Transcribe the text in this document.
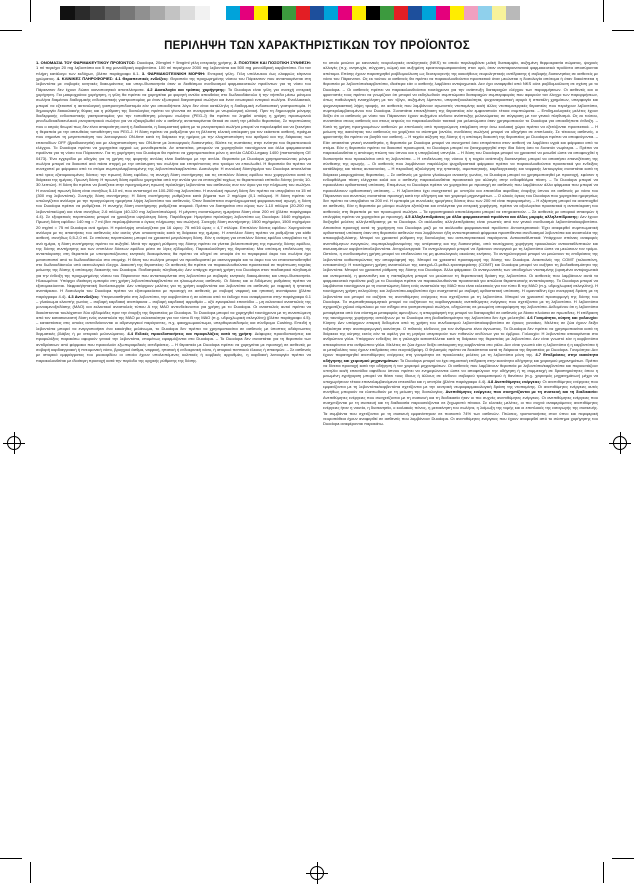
ΠΕΡΙΛΗΨΗ ΤΩΝ ΧΑΡΑΚΤΗΡΙΣΤΙΚΩΝ ΤΟΥ ΠΡΟΪΟΝΤΟΣ

1. ΟΝΟΜΑΣΙΑ ΤΟΥ ΦΑΡΜΑΚΕΥΤΙΚΟΥ ΠΡΟΪΟΝΤΟΣ: Duodopa, 20mg/ml + 5mg/ml γέλη εντερικής χρήσης. 2. ΠΟΙΟΤΙΚΗ ΚΑΙ ΠΟΣΟΤΙΚΗ ΣΥΝΘΕΣΗ: 1 ml περιέχει 20 mg λεβοντόπα και 5 mg μονοϋδρική καρβιντόπα. 100 ml περιέχουν 2000 mg λεβοντόπα και 500 mg μονοϋδρική καρβιντόπα. Για τον πλήρη κατάλογο των εκδόχων, βλέπε παράγραφο 6.1. 3. ΦΑΡΜΑΚΟΤΕΧΝΙΚΗ ΜΟΡΦΗ: Εντερική γέλη. Γέλη υπόλευκου έως ελαφρώς κίτρινου χρώματος. 4. ΚΛΙΝΙΚΕΣ ΠΛΗΡΟΦΟΡΙΕΣ: 4.1 Θεραπευτικές ενδείξεις: Θεραπεία της προχωρημένης νόσου του Πάρκινσον που ανταποκρίνεται στη λεβοντόπα με σοβαρές κινητικές διακυμάνσεις και υπερ-/δυσκινησία όταν οι διαθέσιμοι συνδυασμοί φαρμακευτικών προϊόντων για τη νόσο του Πάρκινσον δεν έχουν δώσει ικανοποιητικά αποτελέσματα. 4.2 Δοσολογία και τρόπος χορήγησης: Το Duodopa είναι γέλη για συνεχή εντερική χορήγηση. Για μακροχρόνια χορήγηση, η γέλη θα πρέπει να χορηγείται με φορητή αντλία απευθείας στο δωδεκαδάκτυλο ή την νήστιδα μέσω μόνιμου σωλήνα διαμέσου διαδερμικής ενδοσκοπικής γαστροστομίας με έναν εξωτερικό διαγαστρικό σωλήνα και έναν εσωτερικό εντερικό σωλήνα. Εναλλακτικά, μπορεί να εξεταστεί η ακτινολογική γαστρονηστιδοστομία εάν για οποιοδήποτε λόγο δεν είναι κατάλληλη η διαδερμική ενδοσκοπική γαστροστομία. Η δημιουργία διακοιλιακής θύρας και η ρύθμιση της δοσολογίας πρέπει να γίνονται σε συνεργασία με νευρολογική κλινική. Πριν τη δημιουργία μόνιμης διαδερμικής ενδοσκοπικής γαστροστομίας για την τοποθέτηση μόνιμου σωλήνα (PEG-J) θα πρέπει να ληφθεί υπόψη η χρήση προσωρινού ρινοδωδεκαδακτυλικού ρινογαστρικού σωλήνα για να εξακριβωθεί εάν ο ασθενής ανταποκρίνεται θετικά σε αυτή την μέθοδο θεραπείας. Σε περιπτώσεις που ο ιατρός θεωρεί πως δεν είναι απαραίτητη αυτή η διαδικασία, η δοκιμαστική φάση με το ρινογαστρικό σωλήνα μπορεί να παραλειφθεί και να ξεκινήσει η θεραπεία με την απευθείας τοποθέτηση του PEG-J. Η δόση πρέπει να ρυθμίζεται για τη βέλτιστη κλινική απόκριση για τον εκάστοτε ασθενή, πράγμα που σημαίνει τη μεγιστοποίηση του λειτουργικού ON-time κατά τη διάρκεια της ημέρας με την ελαχιστοποίηση του αριθμού και της διάρκειας των επεισοδίων OFF (βραδυκινησία) και με ελαχιστοποίηση του ON-time με λειτουργικές δυσκινησίες. Βλέπε τις συστάσεις στην ενότητα του θεραπευτικού ελέγχου. Το Duodopa πρέπει να χορηγείται αρχικά ως μονοθεραπεία. Αν απαιτείται, μπορούν να χορηγηθούν ταυτόχρονα και άλλα φαρμακευτικά προϊόντα για τη νόσο του Πάρκινσον. Για τη χορήγηση του Duodopa θα πρέπει να χρησιμοποιείται μόνο η αντλία CADD-Legacy 1400 (πιστοποίηση CE 0473). Ένα εγχειρίδιο με οδηγίες για τη χρήση της φορητής αντλίας είναι διαθέσιμο με την αντλία. Θεραπεία με Duodopa χρησιμοποιώντας μόνιμο σωλήνα μπορεί να διακοπεί ανά πάσα στιγμή με την απόσυρση του σωλήνα και επιτρέποντας στο τραύμα να επουλωθεί. Η θεραπεία θα πρέπει να συνεχιστεί με φάρμακα από το στόμα συμπεριλαμβανομένης της λεβοντόπα/καρβιντόπα. Δοσολογία: Η συνολική δόση/ημέρα του Duodopa αποτελείται από τρεις εξατομικευμένες δόσεις: την πρωινή δόση εφόδου, τη συνεχή δόση συντήρησης και τις επιπλέον δόσεις εφόδου που χορηγούνται κατά τη διάρκεια της ημέρας. Πρωινή δόση: Η πρωινή δόση εφόδου χορηγείται από την αντλία για να επιτευχθεί ταχέως το θεραπευτικό επίπεδο δόσης (εντός 10-30 λεπτών). Η δόση θα πρέπει να βασίζεται στην προηγούμενη πρωινή πρόσληψη λεβοντόπα του ασθενούς συν τον όγκο για την πλήρωση του σωλήνα. Η συνολική πρωινή δόση είναι συνήθως 5-10 ml, που αντιστοιχεί σε 100-200 mg λεβοντόπα. Η συνολική πρωινή δόση δεν πρέπει να υπερβαίνει τα 15 ml (300 mg λεβοντόπα). Συνεχής δόση συντήρησης: Η δόση συντήρησης ρυθμίζεται κατά βήματα των 2 mg/ώρα (0,1 ml/ώρα). Η δόση πρέπει να υπολογίζεται ανάλογα με την προηγούμενη ημερήσια λήψη λεβοντόπα του ασθενούς. Όταν διακόπτεται συμπληρωματική φαρμακευτική αγωγή, η δόση του Duodopa πρέπει να ρυθμίζεται. Η συνεχής δόση συντήρησης ρυθμίζεται ατομικά. Πρέπει να διατηρείται στο εύρος των 1-10 ml/ώρα (20-200 mg λεβοντόπα/ώρα) και είναι συνήθως 2-6 ml/ώρα (40-120 mg λεβοντόπα/ώρα). Η μέγιστη συνιστώμενη ημερήσια δόση είναι 200 ml (βλέπε παράγραφο 4.4). Σε εξαιρετικές περιπτώσεις μπορεί να χρειάζεται υψηλότερη δόση. Παράδειγμα: Ημερήσια πρόσληψη λεβοντόπα ως Duodopa: 1640 mg/ημέρα. Πρωινή δόση εφόδου: 140 mg = 7 ml (δεν περιλαμβάνεται ο όγκος πλήρωσης του σωλήνα). Συνεχής δόση συντήρησης: 1500 mg/ημέρα, 1500 mg/ημέρα: 20 mg/ml = 75 ml Duodopa ανά ημέρα. Η πρόσληψη υπολογίζεται για 16 ώρες: 75 ml/16 ώρες = 4,7 ml/ώρα. Επιπλέον δόσεις εφόδου: Χορηγούνται ανάλογα με τις απαιτήσεις του ασθενούς εάν αυτός γίνει υποκινητικός κατά τη διάρκεια της ημέρας. Η επιπλέον δόση πρέπει να ρυθμίζεται για κάθε ασθενή, συνήθως 0,5-2,0 ml. Σε σπάνιες περιπτώσεις μπορεί να χρειαστεί μεγαλύτερη δόση. Εάν η ανάγκη για επιπλέον δόσεις εφόδου υπερβαίνει τις 5 ανά ημέρα, η δόση συντήρησης πρέπει να αυξηθεί. Μετά την αρχική ρύθμιση της δόσης πρέπει να γίνεται βελτιστοποίηση της πρωινής δόσης εφόδου, της δόσης συντήρησης και των επιπλέον δόσεων εφόδου μέσα σε λίγες εβδομάδες. Παρακολούθηση της θεραπείας: Μια απότομη επιδείνωση της ανταπόκρισης στη θεραπεία με υποτροπιάζουσες κινητικές διακυμάνσεις θα πρέπει να οδηγεί σε υποψία ότι το περιφερικό άκρο του σωλήνα έχει μετατοπιστεί από το δωδεκαδάκτυλο στο στομάχι. Η θέση του σωλήνα μπορεί να προσδιοριστεί με ακτινογραφία και το άκρο του να επανατοποθετηθεί στο δωδεκαδάκτυλο υπό ακτινολογικό έλεγχο. Διακοπή της θεραπείας: Οι ασθενείς θα πρέπει να παρακολουθούνται προσεκτικά σε περίπτωση ταχείας μείωσης της δόσης ή απότομης διακοπής του Duodopa. Παιδιατρικός πληθυσμός: Δεν υπάρχει σχετική χρήση του Duodopa στον παιδιατρικό πληθυσμό για την ένδειξη της προχωρημένης νόσου του Πάρκινσον που ανταποκρίνεται στη λεβοντόπα με σοβαρές κινητικές διακυμάνσεις και υπερ-/δυσκινησία. Ηλικιωμένοι: Υπάρχει ιδιαίτερη εμπειρία στη χρήση λεβοντόπα/καρβιντόπα σε ηλικιωμένους ασθενείς. Οι δόσεις και οι διδόμενες ρυθμίσεις πρέπει να εξατομικεύονται. Νεφρική/ηπατική δυσλειτουργία: Δεν υπάρχουν μελέτες για τη χρήση καρβιντόπα και λεβοντόπα σε ασθενείς με νεφρική ή ηπατική ανεπάρκεια. Η δοσολογία του Duodopa πρέπει να εξατομικεύεται με προσοχή σε ασθενείς με σοβαρή νεφρική και ηπατική ανεπάρκεια (βλέπε παράγραφο 4.4). 4.3 Αντενδείξεις: Υπερευαισθησία στη λεβοντόπα, την καρβιντόπα ή σε κάποιο από τα έκδοχα που αναφέρονται στην παράγραφο 6.1 – γλαύκωμα κλειστής γωνίας – σοβαρή καρδιακή ανεπάρκεια – σοβαρή καρδιακή αρρυθμία – οξύ εγκεφαλικό επεισόδιο – μη εκλεκτικοί αναστολείς της μονοαμινοξειδάσης (ΜΑΟ) και εκλεκτικοί αναστολείς τύπου Α της ΜΑΟ αντενδείκνυνται για χρήση με το Duodopa. Οι αναστολείς αυτοί πρέπει να διακόπτονται τουλάχιστον δύο εβδομάδες πριν την έναρξη της θεραπείας με Duodopa. Το Duodopa μπορεί να χορηγηθεί ταυτόχρονα με τη συνιστώμενη από τον κατασκευαστή δόση ενός αναστολέα της ΜΑΟ με εκλεκτικότητα για τον τύπο Β της ΜΑΟ (π.χ. υδροχλωρική σελεγιλίνη) (βλέπε παράγραφο 4.5). – καταστάσεις στις οποίες αντενδείκνυνται οι αδρενεργικοί παράγοντες, π.χ. φαιοχρωμοκύτωμα, υπερθυρεοειδισμός και σύνδρομο Cushing. Επειδή η λεβοντόπα μπορεί να ενεργοποιήσει ένα κακόηθες μελάνωμα, το Duodopa δεν πρέπει να χρησιμοποιείται σε ασθενείς με ύποπτες αδιάγνωστες δερματικές βλάβες ή με ιστορικό μελανώματος. 4.4 Ειδικές προειδοποιήσεις και προφυλάξεις κατά τη χρήση: Διάφορες προειδοποιήσεις και προφυλάξεις παρακάτω αφορούν γενικά την λεβοντόπα, επομένως εφαρμόζονται στο Duodopa. – Το Duodopa δεν συνιστάται για τη θεραπεία των αντιδράσεων από φάρμακα που προκαλούν εξωπυραμιδικές αντιδράσεις. – Η θεραπεία με Duodopa πρέπει να χορηγείται με προσοχή σε ασθενείς με σοβαρή καρδιαγγειακή ή πνευμονική νόσο, βρογχικό άσθμα, νεφρική, ηπατική ή ενδοκρινική νόσο, ή ιστορικό πεπτικού έλκους ή σπασμών. – Σε ασθενείς με ιστορικό εμφράγματος του μυοκαρδίου οι οποίοι έχουν υπολειπόμενες κολπικές ή κομβικές αρρυθμίες, η καρδιακή λειτουργία πρέπει να παρακολουθείται με ιδιαίτερη προσοχή κατά την περίοδο της αρχικής ρύθμισης της δόσης.

το οποίο μειώνει με κανονικές νευρολογικές αναλγητικές (NKS) το οποίο περιλαμβάνει μυϊκή δυσκαμψία, αυξημένη θερμοκρασία σώματος, ψυχικές αλλαγές (π.χ. ανησυχία, σύγχυση, κώμα) και αυξημένη κρεατινοφωσφοκινάση στον ορό, όταν αντιπαρκινσονικά φαρμακευτικά προϊόντα αποσύρονται απότομα. Επίσης έχουν παρατηρηθεί ραβδομυόλυση ως δευτερογενής της κακοήθους νευροληπτικής αντίδρασης ή σοβαρής δυσκινησίας σε ασθενείς με νόσο του Πάρκινσον. Ως εκ τούτου οι ασθενείς θα πρέπει να παρακολουθούνται προσεκτικά όταν μειώνεται η δοσολογία απότομα ή όταν διακόπτεται η θεραπεία με λεβοντόπα/καρβιντόπα, ιδιαίτερα εάν ο ασθενής λαμβάνει αντιψυχωτικά. Δεν έχει αναφερθεί από NKS ούτε ραβδομυόλυση σε σχέση με το Duodopa. – Οι ασθενείς πρέπει να παρακολουθούνται ταυτόχρονα για την ανάπτυξη διαταραχών ελέγχου των παρορμήσεων. Οι ασθενείς και οι φροντιστές τους πρέπει να γνωρίζουν ότι μπορεί να εκδηλωθούν συμπτώματα διαταραχών συμπεριφοράς που αφορούν τον έλεγχο των παρορμήσεων, όπως παθολογική ενασχόληση με τον τζόγο, αυξημένη λίμπιντο, υπερσεξουαλικότητα, ψυχαναγκαστική αγορά ή σπατάλη χρημάτων, υπερφαγία και ψυχαναγκαστική λήψη τροφής, σε ασθενείς που λαμβάνουν αγωνιστές ντοπαμίνης και/ή άλλες ντοπαμινεργικές θεραπείες που περιέχουν λεβοντόπα, συμπεριλαμβανομένου του Duodopa. Συνιστάται επανεξέταση της θεραπείας εάν εμφανιστούν τέτοια συμπτώματα. – Επιδημιολογικές μελέτες έχουν δείξει ότι οι ασθενείς με νόσο του Πάρκινσον έχουν αυξημένο κίνδυνο ανάπτυξης μελανώματος σε σύγκριση με τον γενικό πληθυσμό. Ως εκ τούτου, συνιστάται στους ασθενείς και στους ιατρούς να παρακολουθούν τακτικά για μελανώματα όταν χρησιμοποιούν το Duodopa για οποιαδήποτε ένδειξη. – Κατά τη χρήση προηγουμένων ασθενών με επιπλοκές από προηγούμενη επέμβαση στην άνω κοιλιακή χώρα πρέπει να εξετάζονται προσεκτικά. – Η μείωση της ικανότητας του ασθενούς να χειρίζεται το σύστημα (αντλία, συνδέσεις σωλήνα) μπορεί να οδηγήσει σε επιπλοκές. Σε τέτοιους ασθενείς, ο φροντιστής θα πρέπει να βοηθά τον ασθενή. – Η ταχεία αύξηση της δόσης ή η απότομη διακοπή της θεραπείας με Duodopa πρέπει να αποφεύγονται. – Εάν απαιτείται γενική αναισθησία, η θεραπεία με Duodopa μπορεί να συνεχιστεί όσο επιτρέπεται στον ασθενή να λαμβάνει υγρά και φάρμακα από το στόμα. Εάν η θεραπεία πρέπει να διακοπεί προσωρινά, το Duodopa μπορεί να ξαναχορηγηθεί στην ίδια δόση όσο το δυνατόν νωρίτερα. – Πρέπει να παρακολουθείται η απότομη πτώση του ύπνου και η υπερβολική υπνηλία. – Η δόση του Duodopa μπορεί να χρειαστεί να μειωθεί ώστε να αποφευχθεί η δυσκινησία που προκαλείται από τη λεβοντόπα. – Η επιδείνωση της νόσου ή η ταχεία ανάπτυξη δυσκινησίας μπορεί να απαιτήσει επανεξέταση της σύνθεσης της αγωγής. – Οι ασθενείς που λαμβάνουν παράλληλα ψυχοδραστικά φάρμακα πρέπει να παρακολουθούνται προσεκτικά για ενδείξεις κατάθλιψης και τάσεις αυτοκτονίας. – Η περιοδική αξιολόγηση της ηπατικής, αιμοποιητικής, καρδιαγγειακής και νεφρικής λειτουργίας συνιστάται κατά τη διάρκεια μακροχρόνιας θεραπείας. – Σε ασθενείς με χρόνιο γλαύκωμα ανοικτής γωνίας, το Duodopa μπορεί να χρησιμοποιηθεί με προσοχή, εφόσον η ενδοφθάλμια πίεση ελέγχεται καλά και ο ασθενής παρακολουθείται προσεκτικά για αλλαγές στην ενδοφθάλμια πίεση. – Το Duodopa μπορεί να προκαλέσει ορθοστατική υπόταση. Επομένως το Duodopa πρέπει να χορηγείται με προσοχή σε ασθενείς που λαμβάνουν άλλα φάρμακα που μπορεί να προκαλέσουν ορθοστατική υπόταση. – Η λεβοντόπα έχει συσχετιστεί με υπνηλία και επεισόδια αιφνίδιας έναρξης ύπνου σε ασθενείς με νόσο του Πάρκινσον και συνεπώς συνιστάται προσοχή κατά την οδήγηση και τον χειρισμό μηχανημάτων. – Ο ολικός όγκος του Duodopa που χορηγείται ημερησίως δεν πρέπει να υπερβαίνει τα 200 ml. Η εμπειρία με συνολικές ημερήσιες δόσεις άνω των 200 ml είναι περιορισμένη. – Η εξάρτηση μπορεί να αναπτυχθεί σε ασθενείς. Εάν η θεραπεία με μόνιμο σωλήνα εξετάζεται και επιλέγεται για εντερική χορήγηση, πρέπει να αξιολογείται προσεκτικά η ανταπόκριση του ασθενούς στη θεραπεία με τον προσωρινό σωλήνα. – Τα εργαστηριακά αποτελέσματα μπορεί να επηρεαστούν. – Σε ασθενείς με ιστορικό σπασμών ή επιληψίας πρέπει να χορηγείται με προσοχή. 4.5 Αλληλεπιδράσεις με άλλα φαρμακευτικά προϊόντα και άλλες μορφές αλληλεπίδρασης: Δεν έχουν διεξαχθεί μελέτες αλληλεπίδρασης με το Duodopa. Οι ακόλουθες αλληλεπιδράσεις είναι γνωστές από τον γενικό συνδυασμό λεβοντόπα/καρβιντόπα. Απαιτείται προσοχή κατά τη χορήγηση του Duodopa μαζί με τα ακόλουθα φαρμακευτικά προϊόντα: Αντιυπερτασικά: Έχει αναφερθεί συμπτωματική ορθοστατική υπόταση όταν στη θεραπεία ασθενών που λαμβάνουν ήδη αντιυπερτασικά φάρμακα προστίθενται συνδυασμοί λεβοντόπα και αναστολέα της αποκαρβοξυλάσης. Μπορεί να χρειαστεί ρύθμιση της δοσολογίας του αντιυπερτασικού παράγοντα. Αντικαταθλιπτικά: Υπάρχουν σπάνιες αναφορές ανεπιθύμητων ενεργειών, συμπεριλαμβανομένης της υπέρτασης και της δυσκινησίας, από ταυτόχρονη χορήγηση τρικυκλικών αντικαταθλιπτικών και σκευασμάτων καρβιντόπα/λεβοντόπα. Αντιχολινεργικά: Τα αντιχολινεργικά μπορεί να δράσουν συνεργικά με τη λεβοντόπα ώστε να μειώσουν τον τρόμο. Ωστόσο, η συνδυασμένη χρήση μπορεί να επιδεινώσει τις μη φυσιολογικές ακούσιες κινήσεις. Τα αντιχολινεργικά μπορεί να μειώσουν τις επιδράσεις της λεβοντόπα καθυστερώντας την απορρόφησή της. Μπορεί να χρειαστεί προσαρμογή της δόσης του Duodopa. Αναστολείς της COMT (τολκαπόνη, εντακαπόνη): Η ταυτόχρονη χρήση αναστολέων της κατεχολ-Ο-μεθυλ-τρανσφεράσης (COMT) και Duodopa μπορεί να αυξήσει τη βιοδιαθεσιμότητα της λεβοντόπα. Μπορεί να χρειαστεί ρύθμιση της δόσης του Duodopa. Άλλα φάρμακα: Οι ανταγωνιστές των υποδοχέων ντοπαμίνης (ορισμένα αντιψυχωτικά και αντιεμετικά), η φαινυτοΐνη και η παπαβερίνη μπορεί να μειώσουν τη θεραπευτική δράση της λεβοντόπα. Οι ασθενείς που λαμβάνουν αυτά τα φαρμακευτικά προϊόντα μαζί με το Duodopa πρέπει να παρακολουθούνται προσεκτικά για απώλεια θεραπευτικής ανταπόκρισης. Το Duodopa μπορεί να λαμβάνεται ταυτόχρονα με τη συνιστώμενη δόση ενός αναστολέα της ΜΑΟ που είναι εκλεκτικός για τον τύπο Β της ΜΑΟ (π.χ. υδροχλωρική σελεγιλίνη). Η ταυτόχρονη χρήση σελεγιλίνης και λεβοντόπα-καρβιντόπα έχει συσχετιστεί με σοβαρή ορθοστατική υπόταση. Η αμανταδίνη έχει συνεργική δράση με τη λεβοντόπα και μπορεί να αυξήσει τις ανεπιθύμητες ενέργειες που σχετίζονται με τη λεβοντόπα. Μπορεί να χρειαστεί προσαρμογή της δόσης του Duodopa. Τα συμπαθητικομιμητικά μπορεί να αυξήσουν τις καρδιαγγειακές ανεπιθύμητες ενέργειες που σχετίζονται με τη λεβοντόπα. Η λεβοντόπα σχηματίζει χηλικό σύμπλοκο με τον σίδηρο στο γαστρεντερικό σωλήνα, οδηγώντας σε μειωμένη απορρόφηση της λεβοντόπα. Δεδομένου ότι η λεβοντόπα μεταφέρεται από ένα σύστημα μεταφοράς αμινοξέων, η απορρόφησή της μπορεί να διαταραχθεί σε ασθενείς με δίαιτα πλούσια σε πρωτεΐνες. Η επίδραση της ταυτόχρονης χορήγησης αντιόξινων με το Duodopa στη βιοδιαθεσιμότητα της λεβοντόπα δεν έχει μελετηθεί. 4.6 Γονιμότητα, κύηση και γαλουχία: Κύηση: Δεν υπάρχουν επαρκή δεδομένα από τη χρήση του συνδυασμού λεβοντόπα/καρβιντόπα σε έγκυες γυναίκες. Μελέτες σε ζώα έχουν δείξει τοξικότητα στην αναπαραγωγική ικανότητα. Ο πιθανός κίνδυνος για τον άνθρωπο είναι άγνωστος. Το Duodopa δεν πρέπει να χρησιμοποιείται κατά τη διάρκεια της κύησης εκτός εάν τα οφέλη για τη μητέρα υπερτερούν των πιθανών κινδύνων για το έμβρυο. Γαλουχία: Η λεβοντόπα απεκκρίνεται στο ανθρώπινο γάλα. Υπάρχουν ενδείξεις ότι η γαλουχία καταστέλλεται κατά τη διάρκεια της θεραπείας με λεβοντόπα. Δεν είναι γνωστό εάν η καρβιντόπα απεκκρίνεται στο ανθρώπινο γάλα. Μελέτες σε ζώα έχουν δείξει απέκκριση της καρβιντόπα στο γάλα. Δεν είναι γνωστό εάν η λεβοντόπα ή η καρβιντόπα ή οι μεταβολίτες τους έχουν επιδράσεις στα νεογνά/βρέφη. Ο θηλασμός πρέπει να διακόπτεται κατά τη διάρκεια της θεραπείας με Duodopa. Γονιμότητα: Δεν έχουν παρατηρηθεί ανεπιθύμητες ενέργειες στη γονιμότητα σε προκλινικές μελέτες με τη λεβοντόπα μόνη της. 4.7 Επιδράσεις στην ικανότητα οδήγησης και χειρισμού μηχανημάτων: Το Duodopa μπορεί να έχει σημαντική επίδραση στην ικανότητα οδήγησης και χειρισμού μηχανημάτων. Πρέπει να δίνεται προσοχή κατά την οδήγηση ή τον χειρισμό μηχανημάτων. Οι ασθενείς που λαμβάνουν θεραπεία με λεβοντόπα/καρβιντόπα και παρουσιάζουν υπνηλία και/ή επεισόδια αιφνίδιου ύπνου πρέπει να ενημερώνονται ώστε να αποφεύγουν την οδήγηση ή τη συμμετοχή σε δραστηριότητες όπου η μειωμένη εγρήγορση μπορεί να θέσει τους ίδιους ή άλλους σε κίνδυνο σοβαρού τραυματισμού ή θανάτου (π.χ. χειρισμός μηχανημάτων) μέχρι να υποχωρήσουν τέτοια επαναλαμβανόμενα επεισόδια και η υπνηλία (βλέπε παράγραφο 4.4). 4.8 Ανεπιθύμητες ενέργειες: Οι ανεπιθύμητες ενέργειες που εμφανίζονται με τη λεβοντόπα/καρβιντόπα σχετίζονται με την κεντρική νευροφαρμακολογική δράση της ντοπαμίνης. Οι ανεπιθύμητες ενέργειες αυτές συνήθως μπορούν να ελαττωθούν με τη μείωση της δοσολογίας. Ανεπιθύμητες ενέργειες που συσχετίζονται με τη συσκευή και τη διαδικασία: Ανεπιθύμητες ενέργειες που συσχετίζονται με τη συσκευή και τη διαδικασία ήταν οι πιο συχνές ανεπιθύμητες ενέργειες. Οι ανεπιθύμητες ενέργειες που συσχετίζονται με τη συσκευή και τη διαδικασία παρουσιάζονται σε ξεχωριστό πίνακα. Σε κλινικές μελέτες, οι πιο συχνά αναφερόμενες ανεπιθύμητες ενέργειες ήταν η ναυτία, η δυσκινησία, ο κοιλιακός πόνος, η μετακίνηση του σωλήνα, η λοίμωξη της τομής και οι επιπλοκές της εισαγωγής της συσκευής. Τα συμβάντα που σχετίζονται με τη συσκευή εμφανίστηκαν σε ποσοστό 74% των ασθενών. Πτώσεις, τροποποιήσεις στον ύπνο και περιφερική νευροπάθεια έχουν αναφερθεί σε ασθενείς που λαμβάνουν Duodopa. Οι ανεπιθύμητες ενέργειες που έχουν αναφερθεί από το σύστημα χορήγησης του Duodopa αναφέρονται παρακάτω.
